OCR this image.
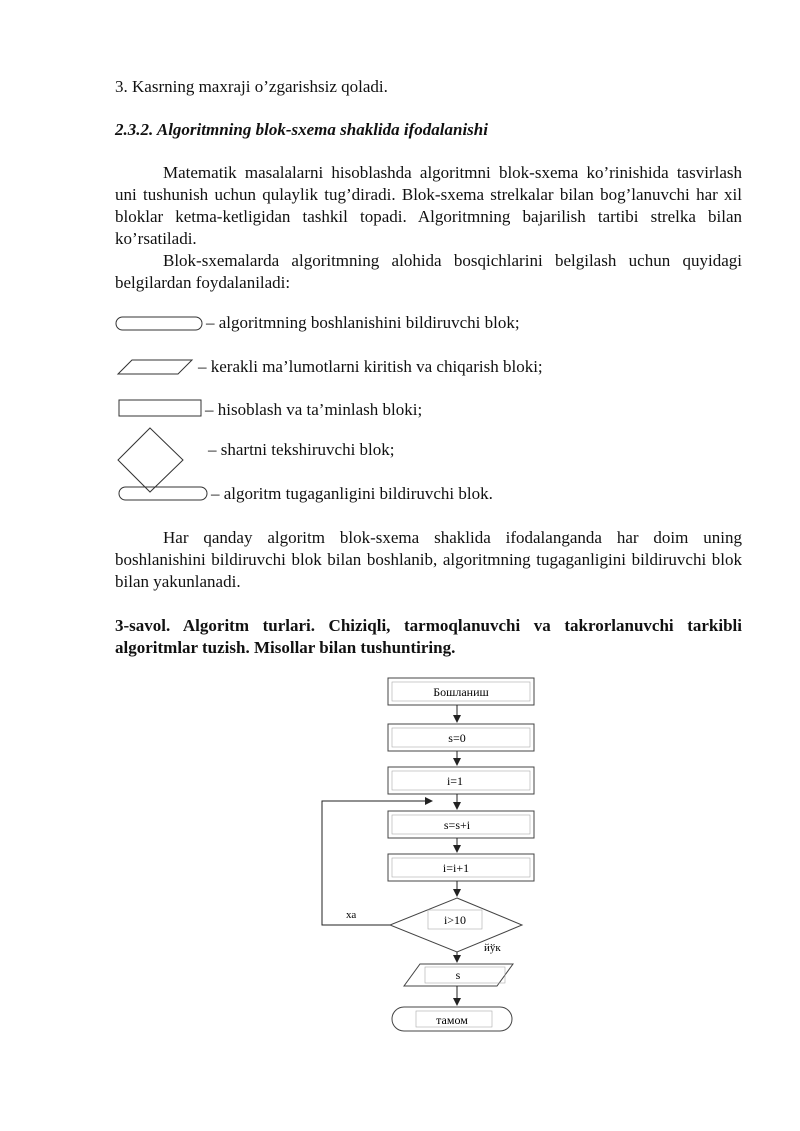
3. Kasrning maxraji o’zgarishsiz qoladi.
2.3.2. Algoritmning blok-sxema shaklida ifodalanishi
Matematik masalalarni hisoblashda algoritmni blok-sxema ko’rinishida tasvirlash uni tushunish uchun qulaylik tug’diradi. Blok-sxema strelkalar bilan bog’lanuvchi har xil bloklar ketma-ketligidan tashkil topadi. Algoritmning bajarilish tartibi strelka bilan ko’rsatiladi.
Blok-sxemalarda algoritmning alohida bosqichlarini belgilash uchun quyidagi belgilardan foydalaniladi:
– algoritmning boshlanishini bildiruvchi blok;
– kerakli ma’lumotlarni kiritish va chiqarish bloki;
– hisoblash va ta’minlash bloki;
– shartni tekshiruvchi blok;
– algoritm tugaganligini bildiruvchi blok.
Har qanday algoritm blok-sxema shaklida ifodalanganda har doim uning boshlanishini bildiruvchi blok bilan boshlanib, algoritmning tugaganligini bildiruvchi blok bilan yakunlanadi.
3-savol. Algoritm turlari. Chiziqli, tarmoqlanuvchi va takrorlanuvchi tarkibli algoritmlar tuzish. Misollar bilan tushuntiring.
Бошланиш
s=0
i=1
s=s+i
i=i+1
i>10
ха
йўк
s
тамом
